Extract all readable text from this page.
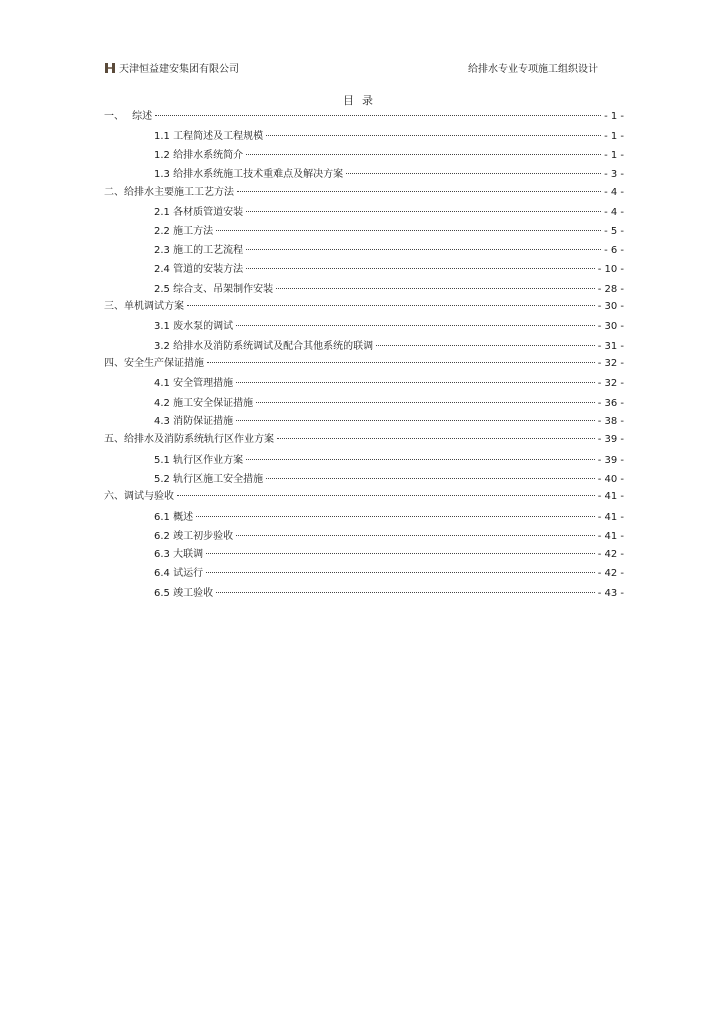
天津恒益建安集团有限公司	给排水专业专项施工组织设计
目录
一、　 综述	- 1 -
1.1 工程简述及工程规模	- 1 -
1.2 给排水系统简介	- 1 -
1.3 给排水系统施工技术重难点及解决方案	- 3 -
二、给排水主要施工工艺方法	- 4 -
2.1 各材质管道安装	- 4 -
2.2 施工方法	- 5 -
2.3 施工的工艺流程	- 6 -
2.4 管道的安装方法	- 10 -
2.5 综合支、吊架制作安装	- 28 -
三、单机调试方案	- 30 -
3.1 废水泵的调试	- 30 -
3.2 给排水及消防系统调试及配合其他系统的联调	- 31 -
四、安全生产保证措施	- 32 -
4.1 安全管理措施	- 32 -
4.2 施工安全保证措施	- 36 -
4.3 消防保证措施	- 38 -
五、给排水及消防系统轨行区作业方案	- 39 -
5.1 轨行区作业方案	- 39 -
5.2 轨行区施工安全措施	- 40 -
六、调试与验收	- 41 -
6.1 概述	- 41 -
6.2 竣工初步验收	- 41 -
6.3 大联调	- 42 -
6.4 试运行	- 42 -
6.5 竣工验收	- 43 -
